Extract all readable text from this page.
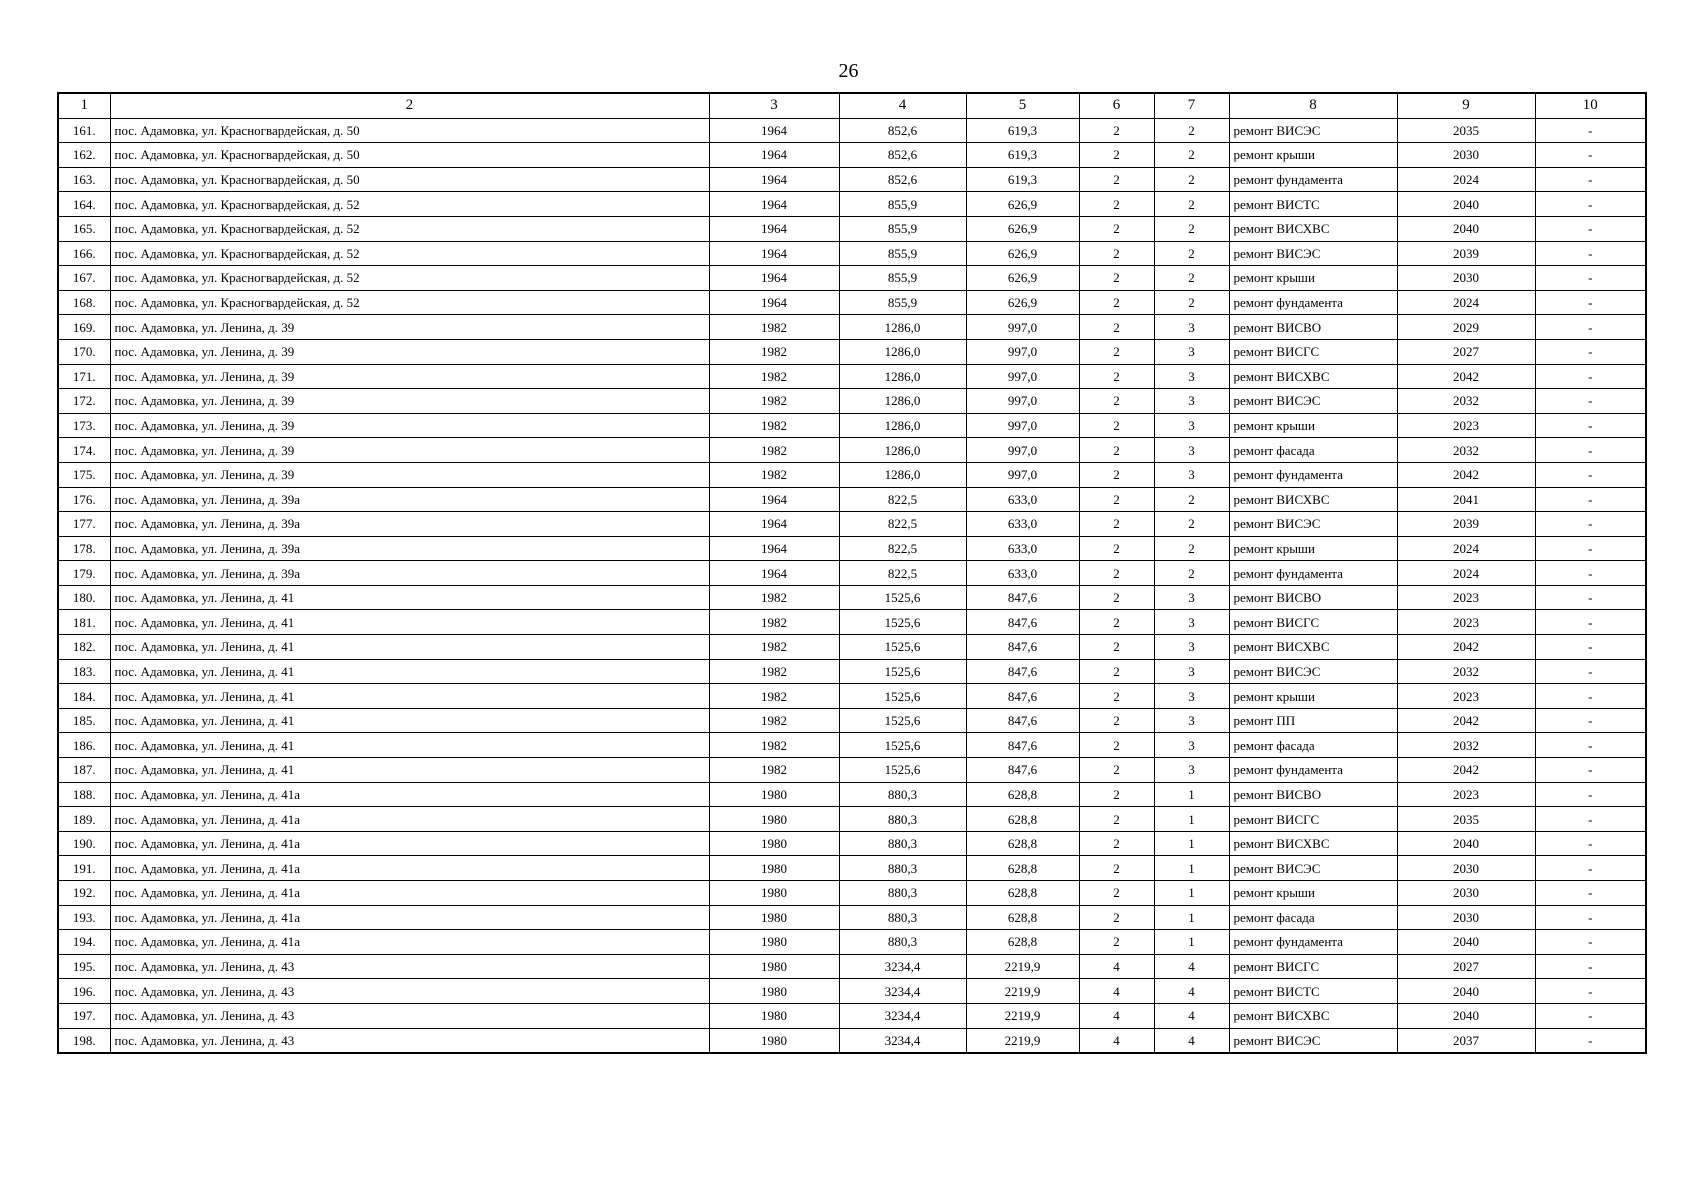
26
1	2	3	4	5	6	7	8	9	10
161.	пос. Адамовка, ул. Красногвардейская, д. 50	1964	852,6	619,3	2	2	ремонт ВИСЭС	2035	-
162.	пос. Адамовка, ул. Красногвардейская, д. 50	1964	852,6	619,3	2	2	ремонт крыши	2030	-
163.	пос. Адамовка, ул. Красногвардейская, д. 50	1964	852,6	619,3	2	2	ремонт фундамента	2024	-
164.	пос. Адамовка, ул. Красногвардейская, д. 52	1964	855,9	626,9	2	2	ремонт ВИСТС	2040	-
165.	пос. Адамовка, ул. Красногвардейская, д. 52	1964	855,9	626,9	2	2	ремонт ВИСХВС	2040	-
166.	пос. Адамовка, ул. Красногвардейская, д. 52	1964	855,9	626,9	2	2	ремонт ВИСЭС	2039	-
167.	пос. Адамовка, ул. Красногвардейская, д. 52	1964	855,9	626,9	2	2	ремонт крыши	2030	-
168.	пос. Адамовка, ул. Красногвардейская, д. 52	1964	855,9	626,9	2	2	ремонт фундамента	2024	-
169.	пос. Адамовка, ул. Ленина, д. 39	1982	1286,0	997,0	2	3	ремонт ВИСВО	2029	-
170.	пос. Адамовка, ул. Ленина, д. 39	1982	1286,0	997,0	2	3	ремонт ВИСГС	2027	-
171.	пос. Адамовка, ул. Ленина, д. 39	1982	1286,0	997,0	2	3	ремонт ВИСХВС	2042	-
172.	пос. Адамовка, ул. Ленина, д. 39	1982	1286,0	997,0	2	3	ремонт ВИСЭС	2032	-
173.	пос. Адамовка, ул. Ленина, д. 39	1982	1286,0	997,0	2	3	ремонт крыши	2023	-
174.	пос. Адамовка, ул. Ленина, д. 39	1982	1286,0	997,0	2	3	ремонт фасада	2032	-
175.	пос. Адамовка, ул. Ленина, д. 39	1982	1286,0	997,0	2	3	ремонт фундамента	2042	-
176.	пос. Адамовка, ул. Ленина, д. 39а	1964	822,5	633,0	2	2	ремонт ВИСХВС	2041	-
177.	пос. Адамовка, ул. Ленина, д. 39а	1964	822,5	633,0	2	2	ремонт ВИСЭС	2039	-
178.	пос. Адамовка, ул. Ленина, д. 39а	1964	822,5	633,0	2	2	ремонт крыши	2024	-
179.	пос. Адамовка, ул. Ленина, д. 39а	1964	822,5	633,0	2	2	ремонт фундамента	2024	-
180.	пос. Адамовка, ул. Ленина, д. 41	1982	1525,6	847,6	2	3	ремонт ВИСВО	2023	-
181.	пос. Адамовка, ул. Ленина, д. 41	1982	1525,6	847,6	2	3	ремонт ВИСГС	2023	-
182.	пос. Адамовка, ул. Ленина, д. 41	1982	1525,6	847,6	2	3	ремонт ВИСХВС	2042	-
183.	пос. Адамовка, ул. Ленина, д. 41	1982	1525,6	847,6	2	3	ремонт ВИСЭС	2032	-
184.	пос. Адамовка, ул. Ленина, д. 41	1982	1525,6	847,6	2	3	ремонт крыши	2023	-
185.	пос. Адамовка, ул. Ленина, д. 41	1982	1525,6	847,6	2	3	ремонт ПП	2042	-
186.	пос. Адамовка, ул. Ленина, д. 41	1982	1525,6	847,6	2	3	ремонт фасада	2032	-
187.	пос. Адамовка, ул. Ленина, д. 41	1982	1525,6	847,6	2	3	ремонт фундамента	2042	-
188.	пос. Адамовка, ул. Ленина, д. 41а	1980	880,3	628,8	2	1	ремонт ВИСВО	2023	-
189.	пос. Адамовка, ул. Ленина, д. 41а	1980	880,3	628,8	2	1	ремонт ВИСГС	2035	-
190.	пос. Адамовка, ул. Ленина, д. 41а	1980	880,3	628,8	2	1	ремонт ВИСХВС	2040	-
191.	пос. Адамовка, ул. Ленина, д. 41а	1980	880,3	628,8	2	1	ремонт ВИСЭС	2030	-
192.	пос. Адамовка, ул. Ленина, д. 41а	1980	880,3	628,8	2	1	ремонт крыши	2030	-
193.	пос. Адамовка, ул. Ленина, д. 41а	1980	880,3	628,8	2	1	ремонт фасада	2030	-
194.	пос. Адамовка, ул. Ленина, д. 41а	1980	880,3	628,8	2	1	ремонт фундамента	2040	-
195.	пос. Адамовка, ул. Ленина, д. 43	1980	3234,4	2219,9	4	4	ремонт ВИСГС	2027	-
196.	пос. Адамовка, ул. Ленина, д. 43	1980	3234,4	2219,9	4	4	ремонт ВИСТС	2040	-
197.	пос. Адамовка, ул. Ленина, д. 43	1980	3234,4	2219,9	4	4	ремонт ВИСХВС	2040	-
198.	пос. Адамовка, ул. Ленина, д. 43	1980	3234,4	2219,9	4	4	ремонт ВИСЭС	2037	-
